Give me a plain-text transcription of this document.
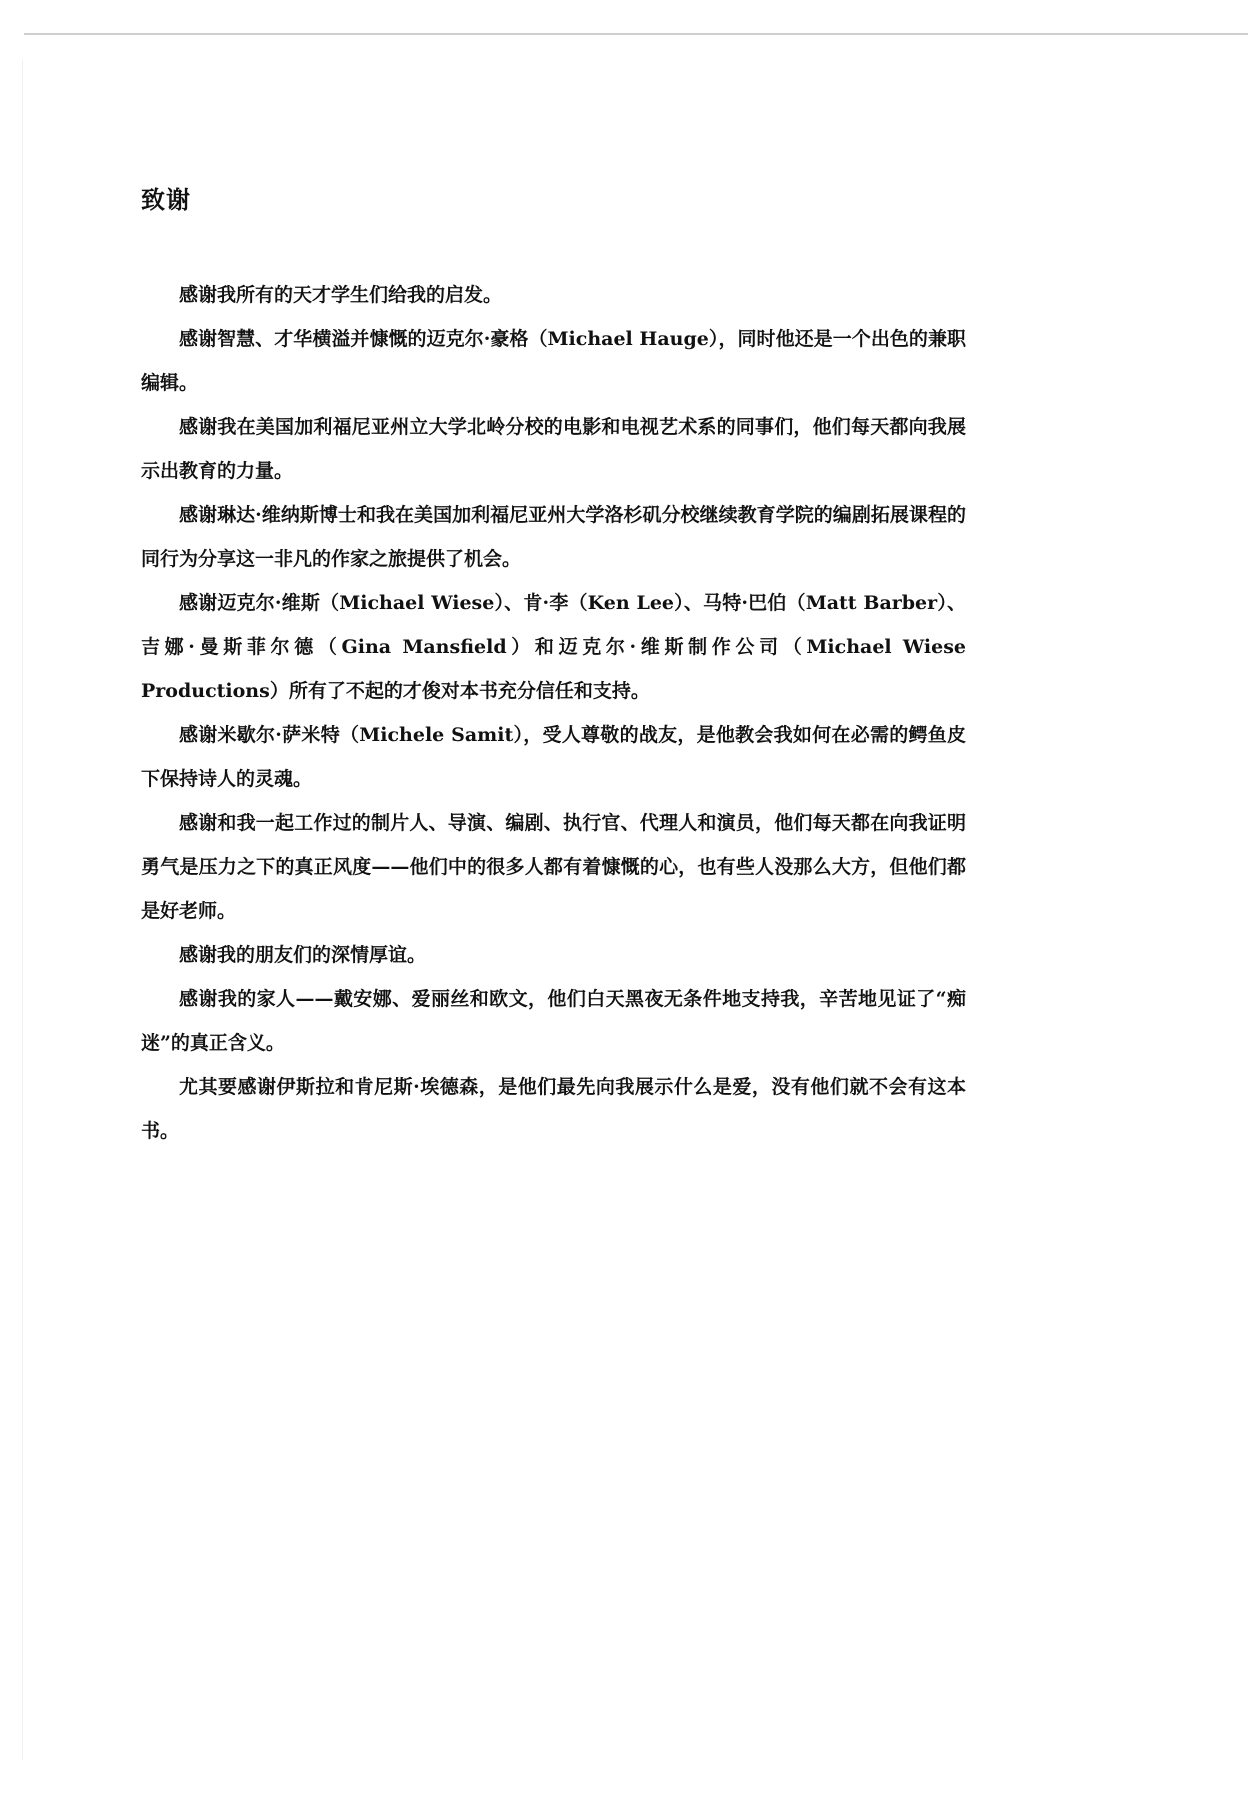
致谢

感谢我所有的天才学生们给我的启发。

感谢智慧、才华横溢并慷慨的迈克尔·豪格（Michael Hauge），同时他还是一个出色的兼职编辑。

感谢我在美国加利福尼亚州立大学北岭分校的电影和电视艺术系的同事们，他们每天都向我展示出教育的力量。

感谢琳达·维纳斯博士和我在美国加利福尼亚州大学洛杉矶分校继续教育学院的编剧拓展课程的同行为分享这一非凡的作家之旅提供了机会。

感谢迈克尔·维斯（Michael Wiese）、肯·李（Ken Lee）、马特·巴伯（Matt Barber）、吉娜·曼斯菲尔德（Gina Mansfield）和迈克尔·维斯制作公司（Michael Wiese Productions）所有了不起的才俊对本书充分信任和支持。

感谢米歇尔·萨米特（Michele Samit），受人尊敬的战友，是他教会我如何在必需的鳄鱼皮下保持诗人的灵魂。

感谢和我一起工作过的制片人、导演、编剧、执行官、代理人和演员，他们每天都在向我证明勇气是压力之下的真正风度——他们中的很多人都有着慷慨的心，也有些人没那么大方，但他们都是好老师。

感谢我的朋友们的深情厚谊。

感谢我的家人——戴安娜、爱丽丝和欧文，他们白天黑夜无条件地支持我，辛苦地见证了“痴迷”的真正含义。

尤其要感谢伊斯拉和肯尼斯·埃德森，是他们最先向我展示什么是爱，没有他们就不会有这本书。
